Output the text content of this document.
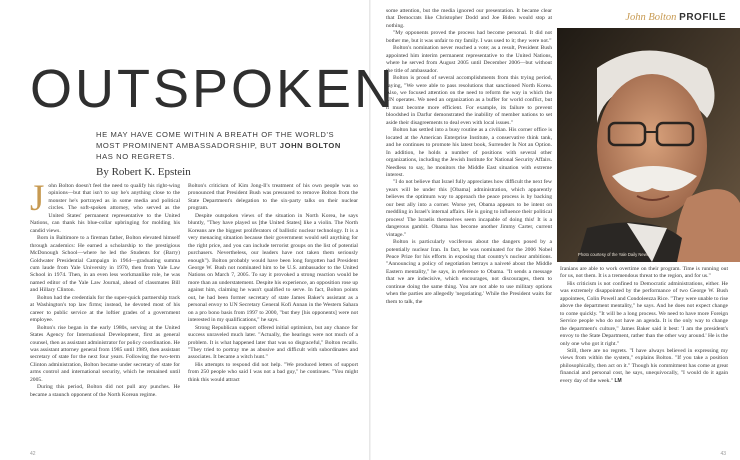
OUTSPOKEN
HE MAY HAVE COME WITHIN A BREATH OF THE WORLD'S MOST PROMINENT AMBASSADORSHIP, BUT JOHN BOLTON HAS NO REGRETS.
By Robert K. Epstein

John Bolton doesn't feel the need to qualify his right-wing opinions—but that isn't to say he's anything close to the monster he's portrayed as in some media and political circles. The soft-spoken attorney, who served as the United States' permanent representative to the United Nations, can thank his blue-collar upbringing for molding his candid views.

Born in Baltimore to a fireman father, Bolton elevated himself through academics: He earned a scholarship to the prestigious McDonough School—where he led the Students for (Barry) Goldwater Presidential Campaign in 1964—graduating summa cum laude from Yale University in 1970, then from Yale Law School in 1974. Then, in an even less workmanlike role, he was named editor of the Yale Law Journal, ahead of classmates Bill and Hillary Clinton.

Bolton had the credentials for the super-quick partnership track at Washington's top law firms; instead, he devoted most of his career to public service at the loftier grades of a government employee.

Bolton's rise began in the early 1980s, serving at the United States Agency for International Development, first as general counsel, then as assistant administrator for policy coordination. He was assistant attorney general from 1985 until 1989, then assistant secretary of state for the next four years. Following the two-term Clinton administration, Bolton became under secretary of state for arms control and international security, which he remained until 2005.

During this period, Bolton did not pull any punches. He became a staunch opponent of the North Korean regime.

Bolton's criticism of Kim Jong-Il's treatment of his own people was so pronounced that President Bush was pressured to remove Bolton from the State Department's delegation to the six-party talks on their nuclear program.

Despite outspoken views of the situation in North Korea, he says bluntly, "They have played us [the United States] like a violin. The North Koreans are the biggest proliferators of ballistic nuclear technology. It is a very menacing situation because their government would sell anything for the right price, and you can include terrorist groups on the list of potential purchasers. Nevertheless, our leaders have not taken them seriously enough"). Bolton probably would have been long forgotten had President George W. Bush not nominated him to be U.S. ambassador to the United Nations on March 7, 2005. To say it provoked a strong reaction would be more than an understatement. Despite his experience, an opposition rose up against him, claiming he wasn't qualified to serve. In fact, Bolton points out, he had been former secretary of state James Baker's assistant as a personal envoy to UN Secretary General Kofi Annan in the Western Sahara on a pro bono basis from 1997 to 2000, "but they [his opponents] were not interested in my qualifications," he says.

Strong Republican support offered initial optimism, but any chance for success unraveled much later. "Actually, the hearings were not much of a problem. It is what happened later that was so disgraceful," Bolton recalls. "They tried to portray me as abusive and difficult with subordinates and associates. It became a witch hunt."

His attempts to respond did not help. "We produced letters of support from 250 people who said I was not a bad guy," he continues. "You might think this would attract

42
John Bolton PROFILE

some attention, but the media ignored our presentation. It became clear that Democrats like Christopher Dodd and Joe Biden would stop at nothing.

"My opponents proved the process had become personal. It did not bother me, but it was unfair to my family. I was used to it; they were not."

Bolton's nomination never reached a vote; as a result, President Bush appointed him interim permanent representative to the United Nations, where he served from August 2005 until December 2006—but without the title of ambassador.

Bolton is proud of several accomplishments from this trying period, saying, "We were able to pass resolutions that sanctioned North Korea. Also, we focused attention on the need to reform the way in which the UN operates. We need an organization as a buffer for world conflict, but it must become more efficient. For example, its failure to prevent bloodshed in Darfur demonstrated the inability of member nations to set aside their disagreements to deal even with local issues."

Bolton has settled into a busy routine as a civilian. His corner office is located at the American Enterprise Institute, a conservative think tank, and he continues to promote his latest book, Surrender Is Not an Option. In addition, he holds a number of positions with several other organizations, including the Jewish Institute for National Security Affairs. Needless to say, he monitors the Middle East situation with extreme interest.

"I do not believe that Israel fully appreciates how difficult the next few years will be under this [Obama] administration, which apparently believes the optimum way to approach the peace process is by backing our best ally into a corner. Worse yet, Obama appears to be intent on meddling in Israel's internal affairs. He is going to influence their political process! The Israelis themselves seem incapable of doing this! It is a dangerous gambit. Obama has become another Jimmy Carter, current vintage."

Bolton is particularly vociferous about the dangers posed by a potentially nuclear Iran. In fact, he was nominated for the 2006 Nobel Peace Prize for his efforts in exposing that country's nuclear ambitions. "Announcing a policy of negotiation betrays a naiveté about the Middle Eastern mentality," he says, in reference to Obama. "It sends a message that we are indecisive, which encourages, not discourages, them to continue doing the same thing. You are not able to use military options when the parties are allegedly 'negotiating.' While the President waits for them to talk, the

Photo courtesy of the Yale Daily News

Iranians are able to work overtime on their program. Time is running out for us, not them. It is a tremendous threat to the region, and for us."

His criticism is not confined to Democratic administrations, either. He was extremely disappointed by the performance of two George W. Bush appointees, Colin Powell and Condoleezza Rice. "They were unable to rise above the department mentality," he says. And he does not expect change to come quickly. "It will be a long process. We need to have more Foreign Service people who do not have an agenda. It is the only way to change the department's culture," James Baker said it best: 'I am the president's envoy to the State Department, rather than the other way around.' He is the only one who got it right."

Still, there are no regrets. "I have always believed in expressing my views from within the system," explains Bolton. "If you take a position philosophically, then act on it." Though his commitment has come at great financial and personal cost, he says, unequivocally, "I would do it again every day of the week." LM

43
